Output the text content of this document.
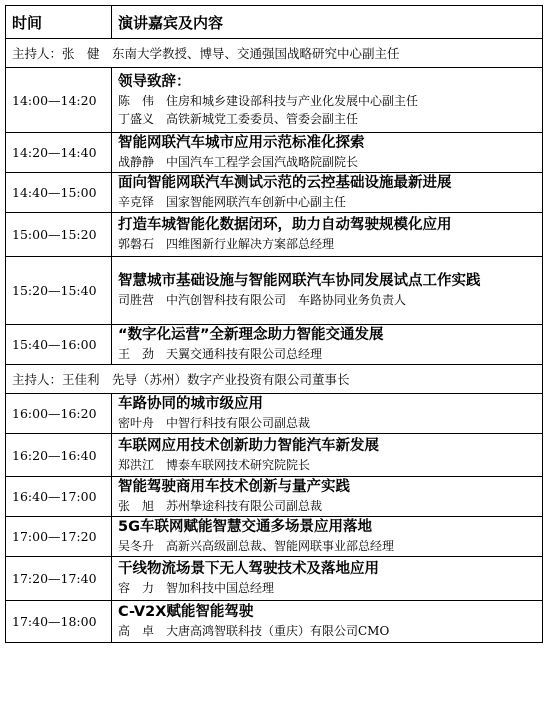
时间	演讲嘉宾及内容
主持人：张　健　东南大学教授、博导、交通强国战略研究中心副主任	
14:00—14:20	领导致辞：
陈　伟　住房和城乡建设部科技与产业化发展中心副主任
丁盛义　高铁新城党工委委员、管委会副主任

14:20—14:40	智能网联汽车城市应用示范标准化探索
战静静　中国汽车工程学会国汽战略院副院长

14:40—15:00	面向智能网联汽车测试示范的云控基础设施最新进展
辛克铎　国家智能网联汽车创新中心副主任

15:00—15:20	打造车城智能化数据闭环，助力自动驾驶规模化应用
郭磐石　四维图新行业解决方案部总经理

15:20—15:40	智慧城市基础设施与智能网联汽车协同发展试点工作实践
司胜营　中汽创智科技有限公司　车路协同业务负责人

15:40—16:00	“数字化运营”全新理念助力智能交通发展
王　劲　天翼交通科技有限公司总经理

主持人：王佳利　先导（苏州）数字产业投资有限公司董事长	
16:00—16:20	车路协同的城市级应用
密叶舟　中智行科技有限公司副总裁

16:20—16:40	车联网应用技术创新助力智能汽车新发展
郑洪江　博泰车联网技术研究院院长

16:40—17:00	智能驾驶商用车技术创新与量产实践
张　旭　苏州挚途科技有限公司副总裁

17:00—17:20	5G车联网赋能智慧交通多场景应用落地
吴冬升　高新兴高级副总裁、智能网联事业部总经理

17:20—17:40	干线物流场景下无人驾驶技术及落地应用
容　力　智加科技中国总经理

17:40—18:00	C-V2X赋能智能驾驶
高　卓　大唐高鸿智联科技（重庆）有限公司CMO
